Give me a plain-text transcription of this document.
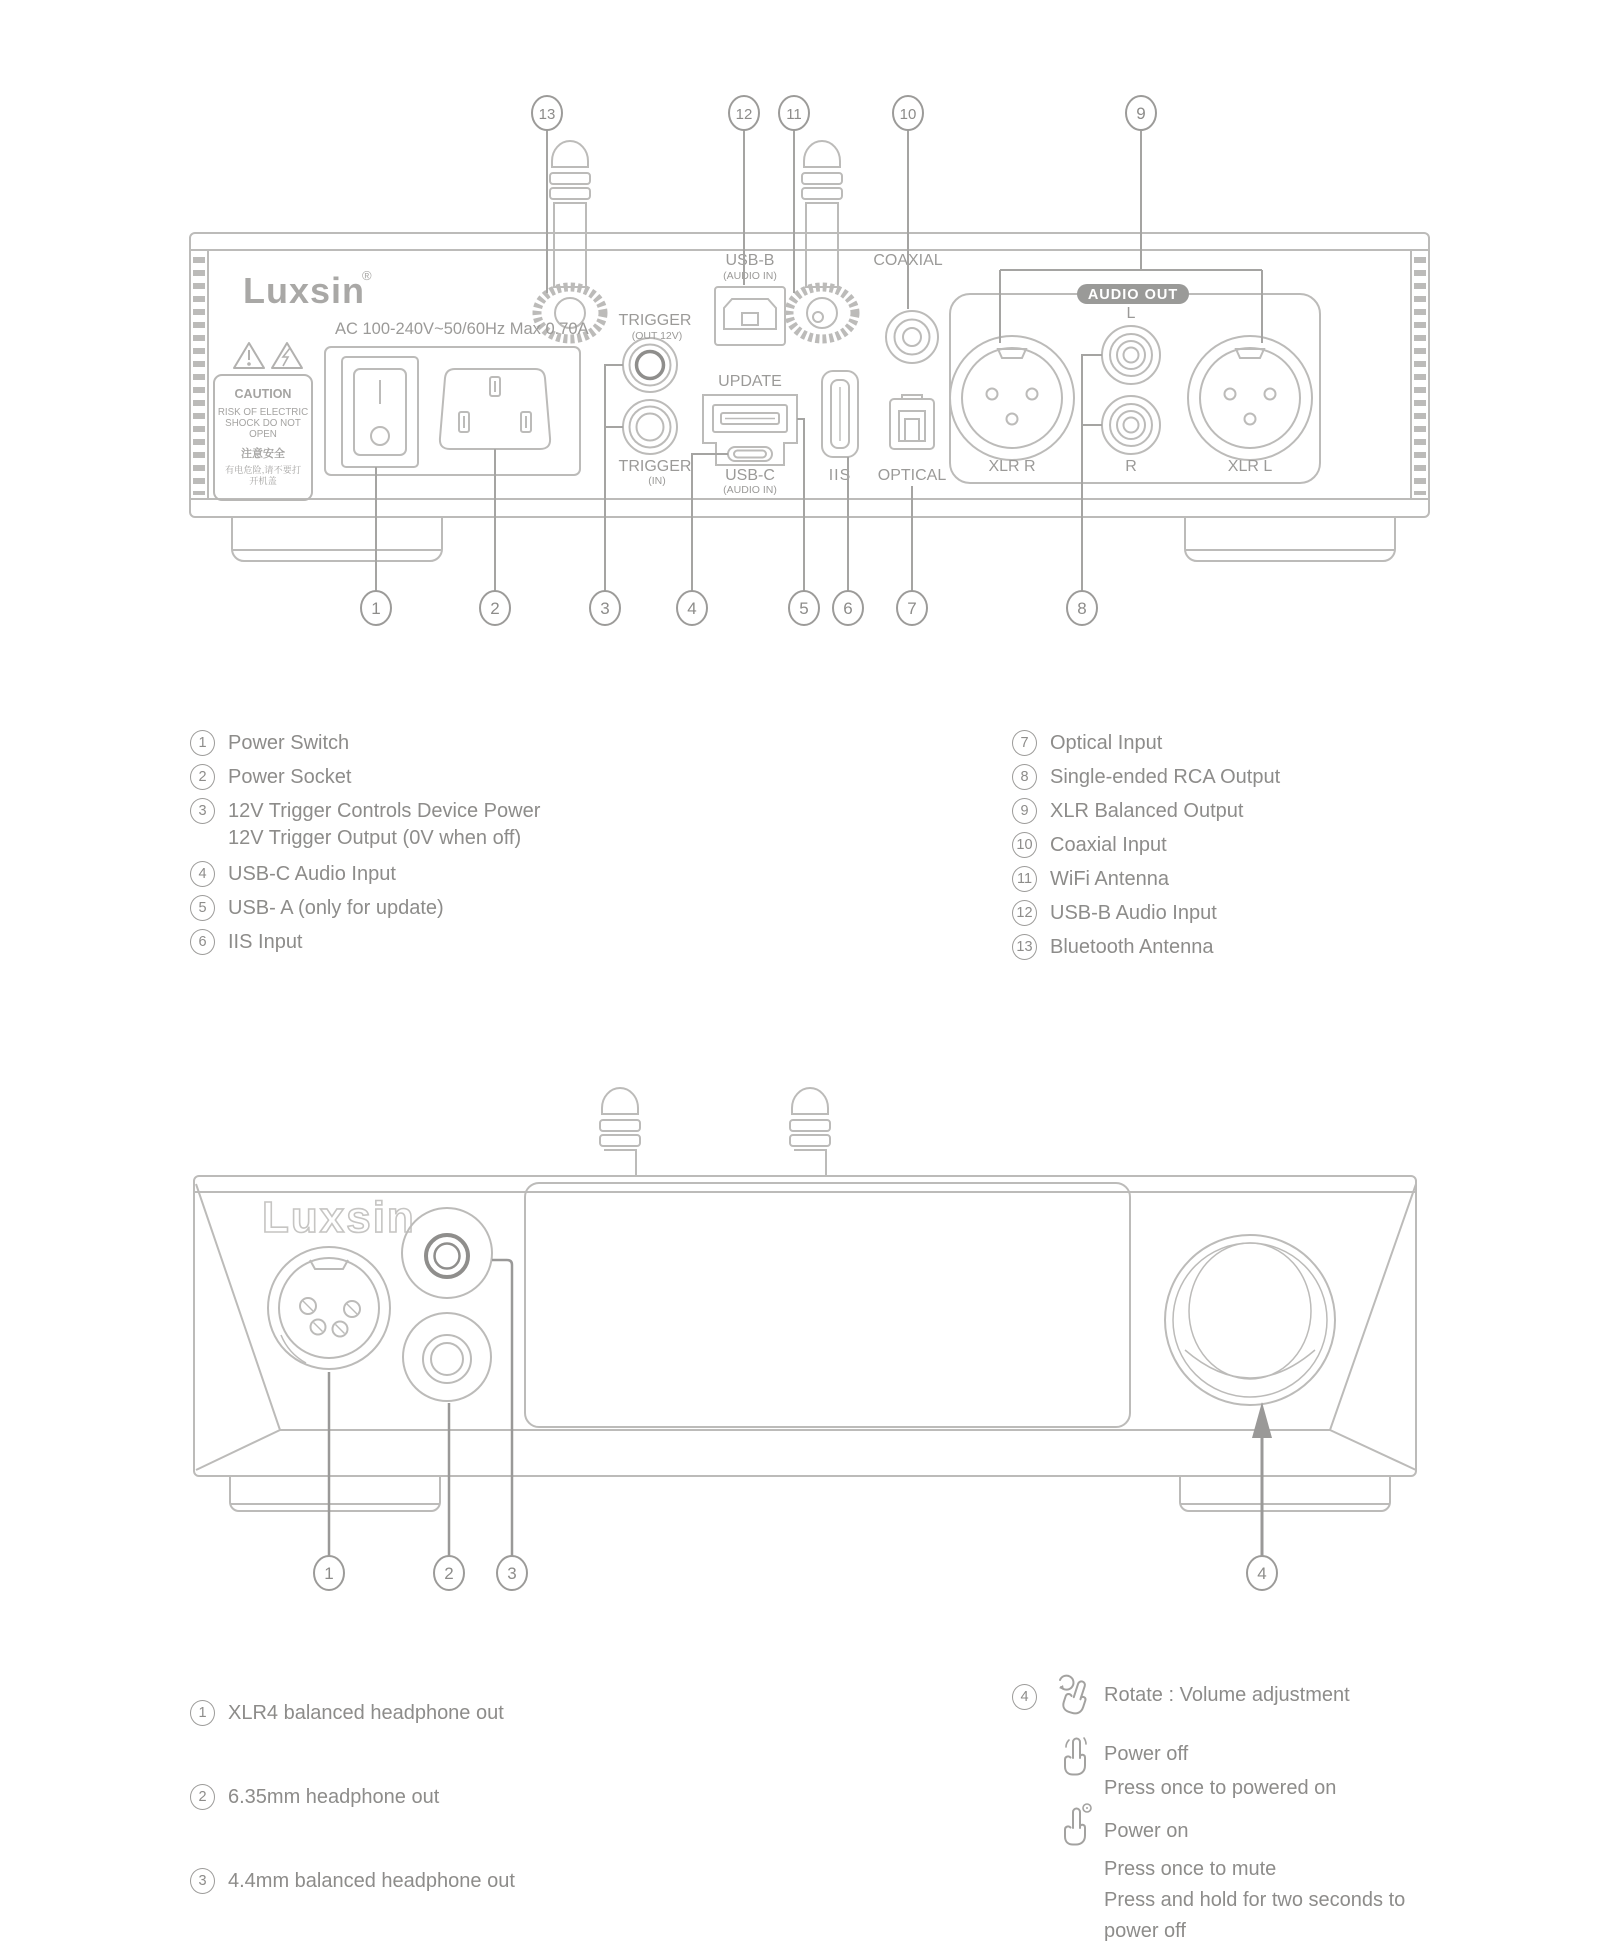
Luxsin
®
AC 100-240V~50/60Hz Max 0.70A
CAUTION
RISK OF ELECTRIC
SHOCK DO NOT
OPEN
注意安全
有电危险,请不要打
开机盖
TRIGGER
(OUT 12V)
TRIGGER
(IN)
USB-B
(AUDIO IN)
UPDATE
USB-C
(AUDIO IN)
IIS
COAXIAL
OPTICAL
AUDIO OUT
XLR R
L
R	XLR L
13	12 11	10	9
1	2	3	4	5 6	7	8
1	Power Switch
2	Power Socket
3	12V Trigger Controls Device Power
12V Trigger Output (0V when off)
4	USB-C Audio Input
5	USB- A (only for update)
6	IIS Input
7	Optical Input
8	Single-ended RCA Output
9	XLR Balanced Output
10 Coaxial Input
11 WiFi Antenna
12 USB-B Audio Input
13 Bluetooth Antenna
Luxsin
1	2	3	4
1	XLR4 balanced headphone out
2	6.35mm headphone out
3	4.4mm balanced headphone out
4	Rotate : Volume adjustment
Power off
Press once to powered on
Power on
Press once to mute
Press and hold for two seconds to
power off
